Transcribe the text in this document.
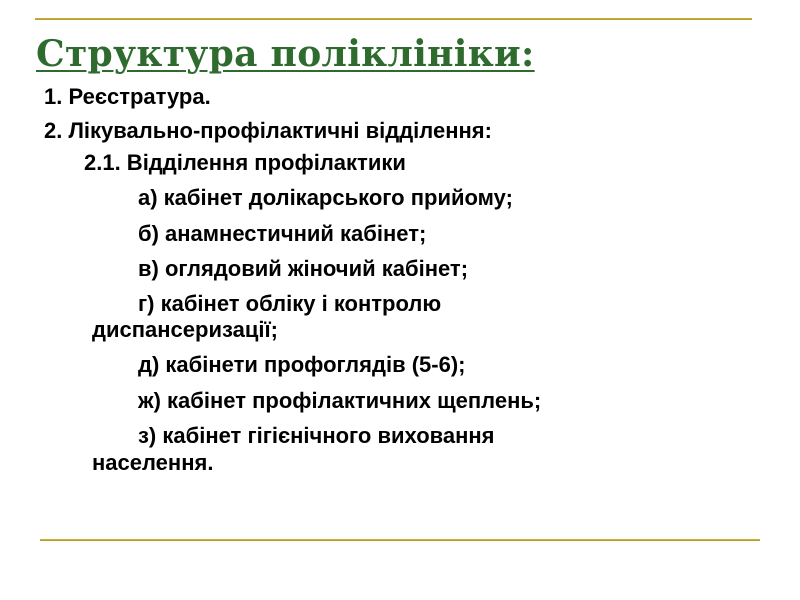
Структура поліклініки:

1. Реєстратура.

2. Лікувально-профілактичні відділення:

2.1. Відділення профілактики

а) кабінет долікарського прийому;

б) анамнестичний кабінет;

в) оглядовий жіночий кабінет;

г) кабінет обліку і контролю

диспансеризації;

д) кабінети профоглядів (5-6);

ж) кабінет профілактичних щеплень;

з) кабінет гігієнічного виховання

населення.
